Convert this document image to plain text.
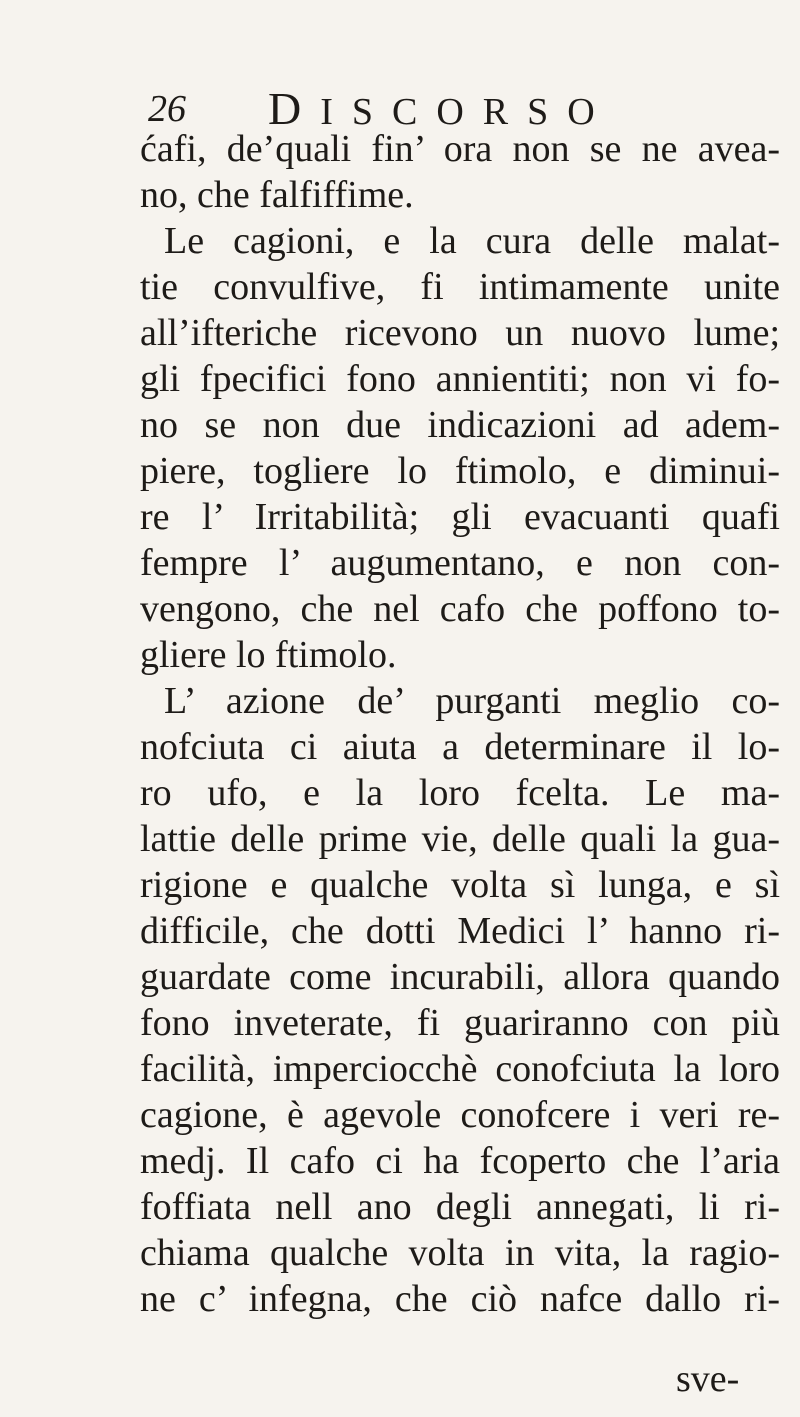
26 DISCORSO
ćafi, de’quali fin’ ora non se ne avea-
no, che falfiffime.
Le cagioni, e la cura delle malat-
tie convulfive, fi intimamente unite
all’ifteriche ricevono un nuovo lume;
gli fpecifici fono annientiti; non vi fo-
no se non due indicazioni ad adem-
piere, togliere lo ftimolo, e diminui-
re l’ Irritabilità; gli evacuanti quafi
fempre l’ augumentano, e non con-
vengono, che nel cafo che poffono to-
gliere lo ftimolo.
L’ azione de’ purganti meglio co-
nofciuta ci aiuta a determinare il lo-
ro ufo, e la loro fcelta. Le ma-
lattie delle prime vie, delle quali la gua-
rigione e qualche volta sì lunga, e sì
difficile, che dotti Medici l’ hanno ri-
guardate come incurabili, allora quando
fono inveterate, fi guariranno con più
facilità, imperciocchè conofciuta la loro
cagione, è agevole conofcere i veri re-
medj. Il cafo ci ha fcoperto che l’aria
foffiata nell ano degli annegati, li ri-
chiama qualche volta in vita, la ragio-
ne c’ infegna, che ciò nafce dallo ri-
sve-
